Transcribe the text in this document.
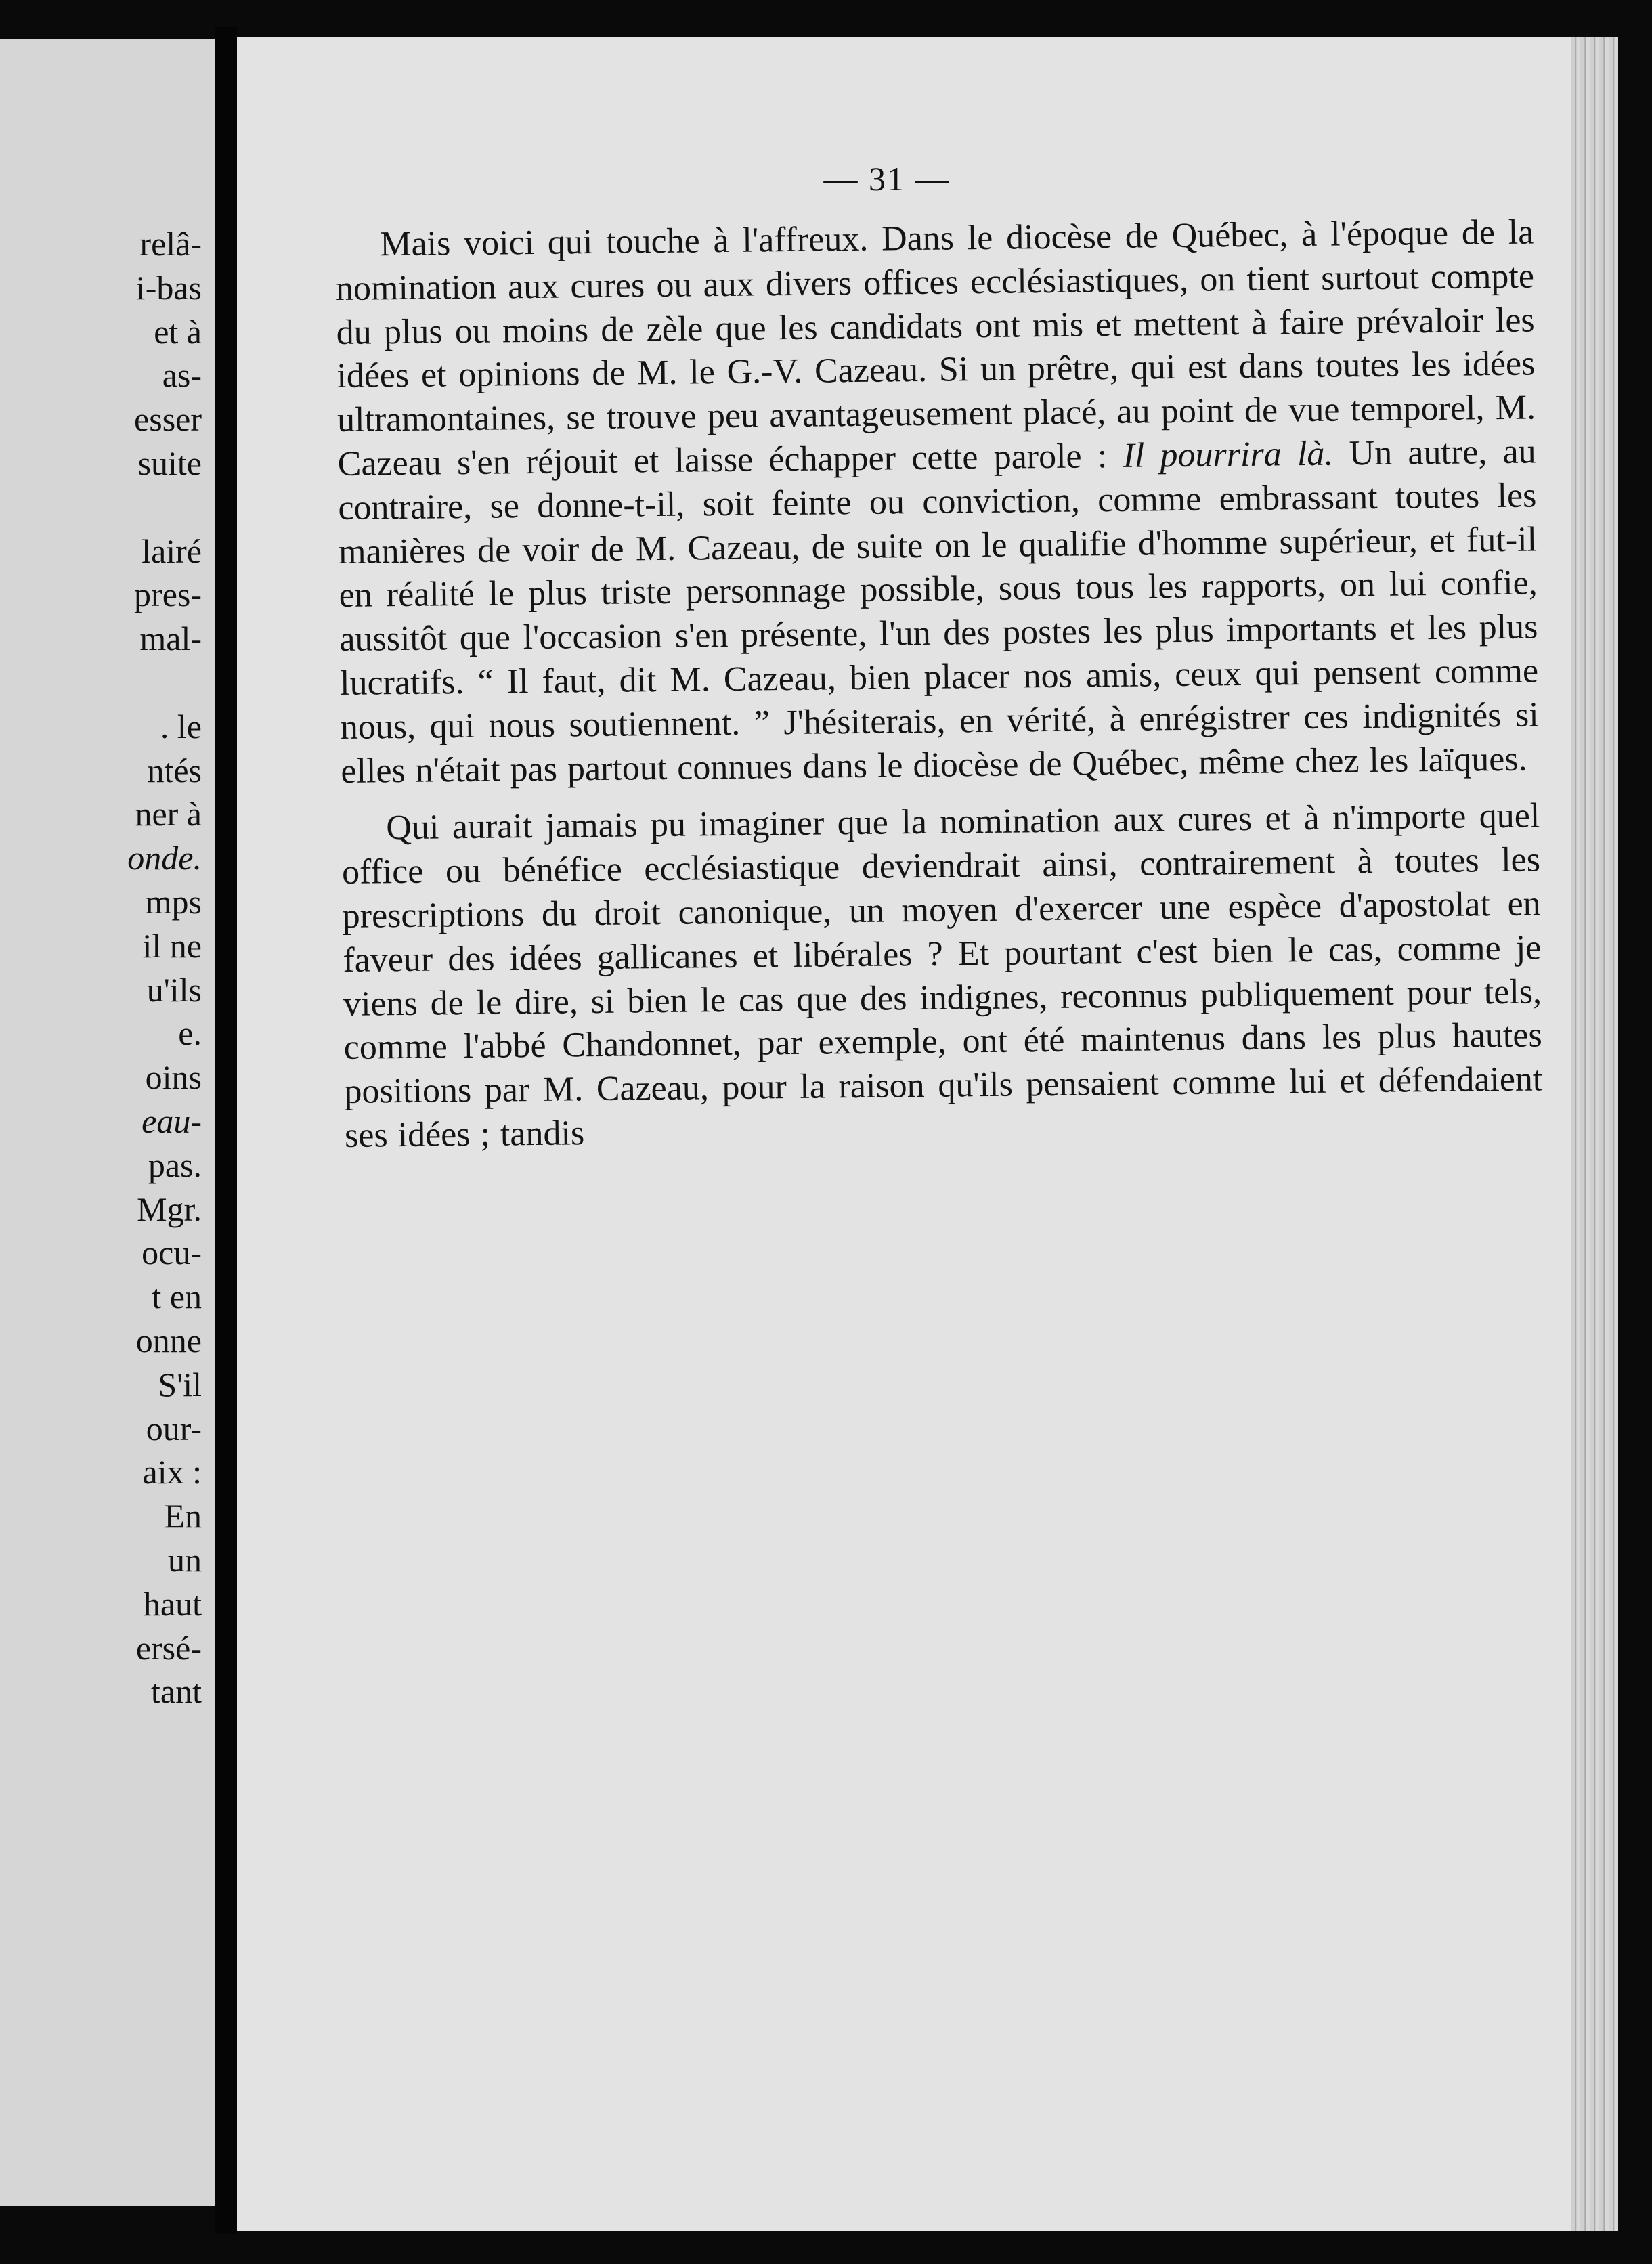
relâ-
i-bas
et à
as-
esser
suite
lairé
pres-
mal-
. le
ntés
ner à
onde.
mps
il ne
u'ils
e.
oins
eau-
pas.
Mgr.
ocu-
t en
onne
S'il
our-
aix :
En
un
haut
ersé-
tant
— 31 —

Mais voici qui touche à l'affreux. Dans le diocèse de Québec, à l'époque de la nomination aux cures ou aux divers offices ecclésiastiques, on tient surtout compte du plus ou moins de zèle que les candidats ont mis et mettent à faire prévaloir les idées et opinions de M. le G.-V. Cazeau. Si un prêtre, qui est dans toutes les idées ultramontaines, se trouve peu avantageusement placé, au point de vue temporel, M. Cazeau s'en réjouit et laisse échapper cette parole : Il pourrira là. Un autre, au contraire, se donne-t-il, soit feinte ou conviction, comme embrassant toutes les manières de voir de M. Cazeau, de suite on le qualifie d'homme supérieur, et fut-il en réalité le plus triste personnage possible, sous tous les rapports, on lui confie, aussitôt que l'occasion s'en présente, l'un des postes les plus importants et les plus lucratifs. “ Il faut, dit M. Cazeau, bien placer nos amis, ceux qui pensent comme nous, qui nous soutiennent. ” J'hésiterais, en vérité, à enrégistrer ces indignités si elles n'était pas partout connues dans le diocèse de Québec, même chez les laïques.

Qui aurait jamais pu imaginer que la nomination aux cures et à n'importe quel office ou bénéfice ecclésiastique deviendrait ainsi, contrairement à toutes les prescriptions du droit canonique, un moyen d'exercer une espèce d'apostolat en faveur des idées gallicanes et libérales ? Et pourtant c'est bien le cas, comme je viens de le dire, si bien le cas que des indignes, reconnus publiquement pour tels, comme l'abbé Chandonnet, par exemple, ont été maintenus dans les plus hautes positions par M. Cazeau, pour la raison qu'ils pensaient comme lui et défendaient ses idées ; tandis
